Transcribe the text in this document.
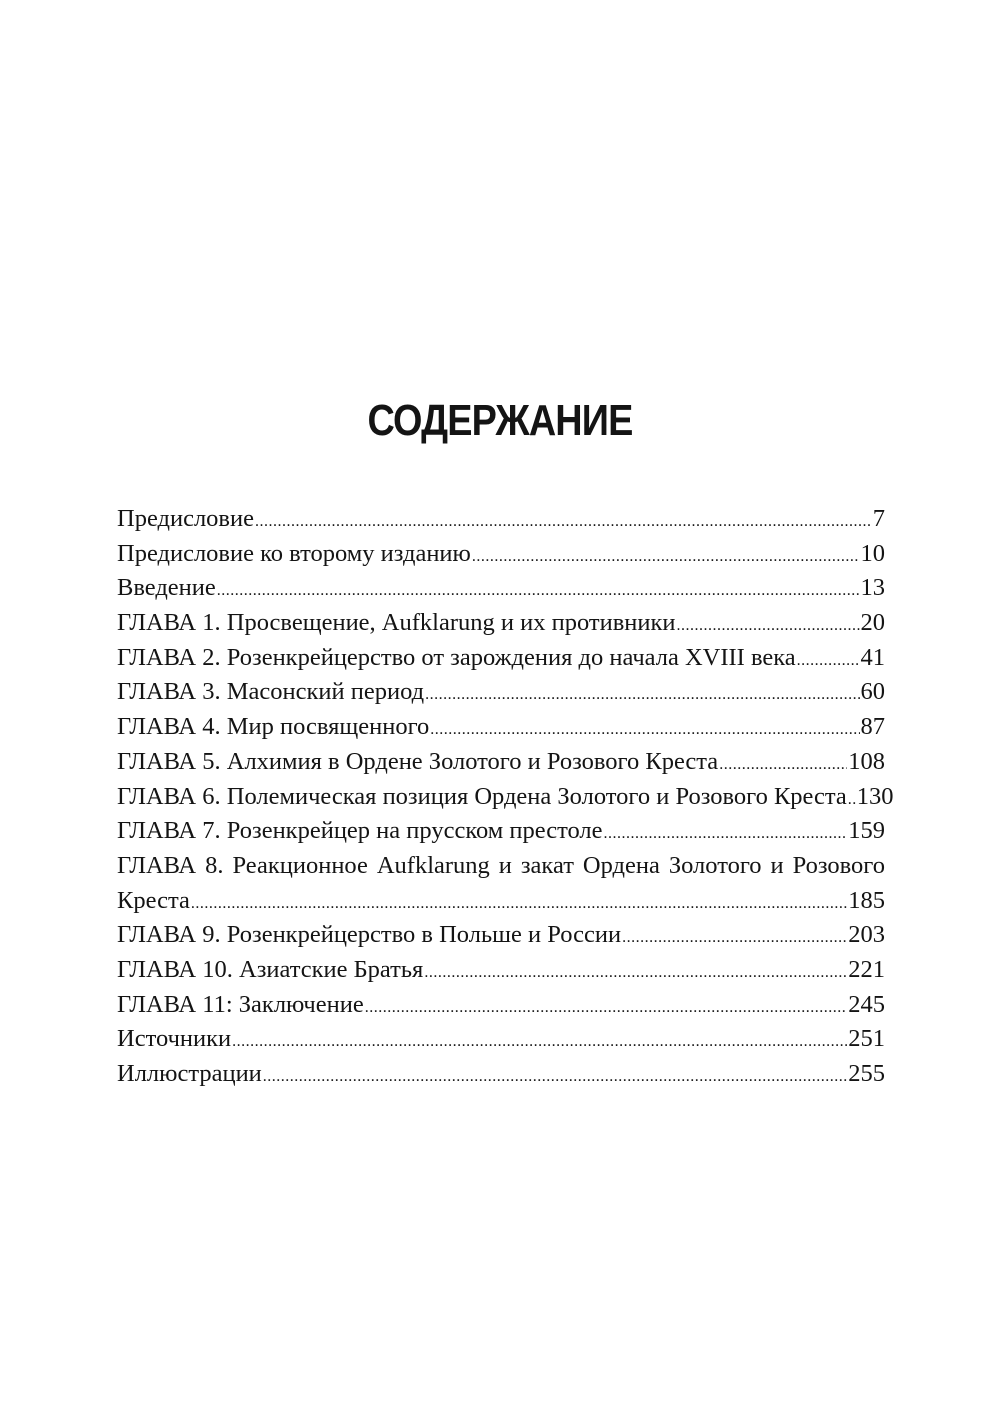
СОДЕРЖАНИЕ
Предисловие .....	7
Предисловие ко второму изданию .....	10
Введение .....	13
ГЛАВА 1. Просвещение, Aufklarung и их противники .....	20
ГЛАВА 2. Розенкрейцерство от зарождения до начала XVIII века .....	41
ГЛАВА 3. Масонский период .....	60
ГЛАВА 4. Мир посвященного .....	87
ГЛАВА 5. Алхимия в Ордене Золотого и Розового Креста .....	108
ГЛАВА 6. Полемическая позиция Ордена Золотого и Розового Креста ..... 130
ГЛАВА 7. Розенкрейцер на прусском престоле .....	159
ГЛАВА 8. Реакционное Aufklarung и закат Ордена Золотого и Розового
Креста .....	185
ГЛАВА 9. Розенкрейцерство в Польше и России .....	203
ГЛАВА 10. Азиатские Братья .....	221
ГЛАВА 11: Заключение .....	245
Источники .....	251
Иллюстрации .....	255
